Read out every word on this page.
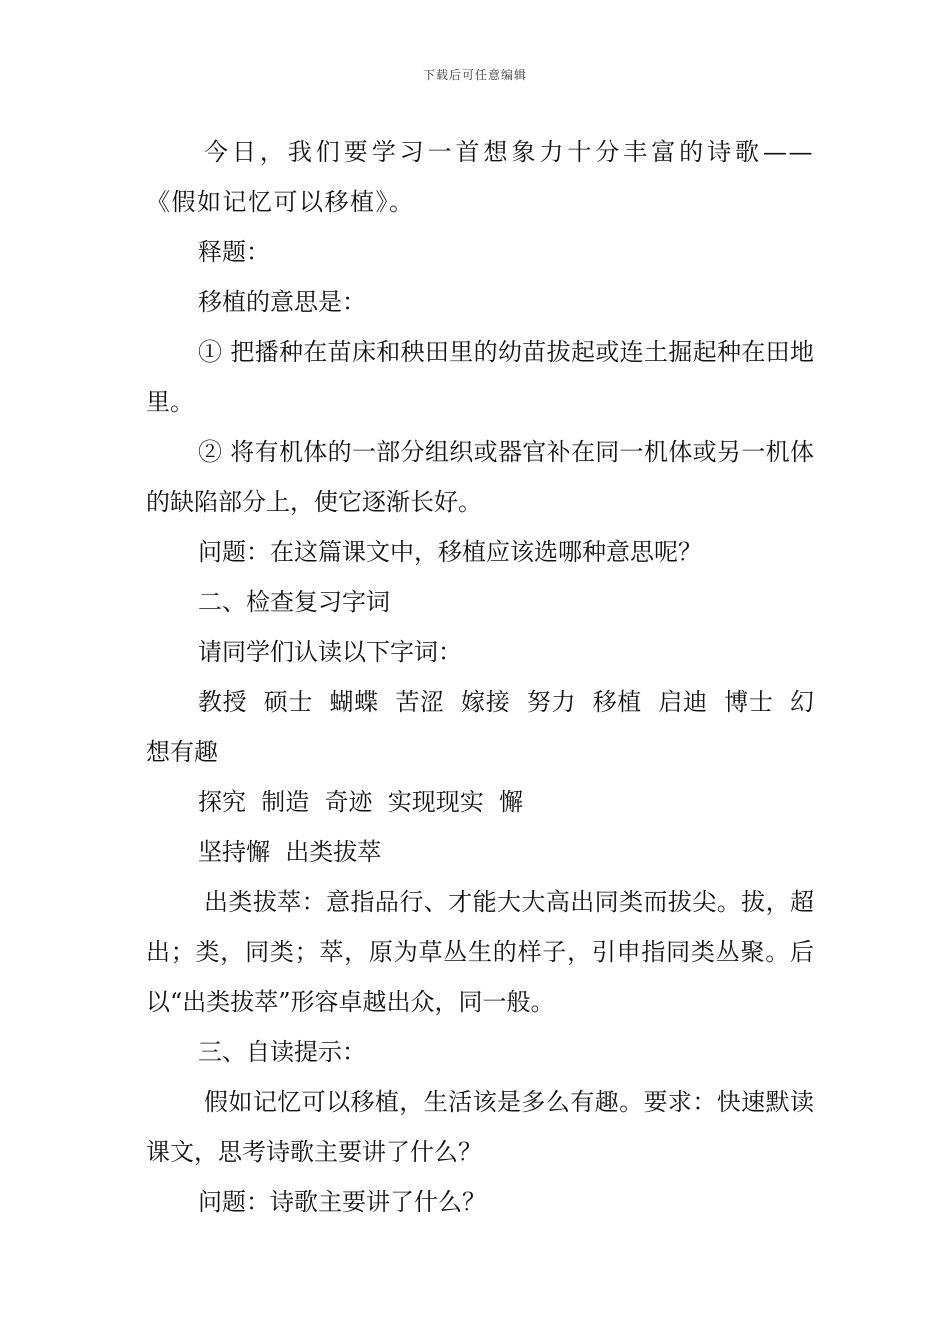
下载后可任意编辑

今日，我们要学习一首想象力十分丰富的诗歌——《假如记忆可以移植》。

释题：

移植的意思是：

① 把播种在苗床和秧田里的幼苗拔起或连土掘起种在田地里。

② 将有机体的一部分组织或器官补在同一机体或另一机体的缺陷部分上，使它逐渐长好。

问题：在这篇课文中，移植应该选哪种意思呢？

二、检查复习字词

请同学们认读以下字词：

教授  硕士  蝴蝶  苦涩  嫁接  努力  移植  启迪  博士  幻想有趣

探究  制造  奇迹  实现现实  懈

坚持懈  出类拔萃

出类拔萃：意指品行、才能大大高出同类而拔尖。拔，超出；类，同类；萃，原为草丛生的样子，引申指同类丛聚。后以“出类拔萃”形容卓越出众，同一般。

三、自读提示：

假如记忆可以移植，生活该是多么有趣。要求：快速默读课文，思考诗歌主要讲了什么？

问题：诗歌主要讲了什么？
